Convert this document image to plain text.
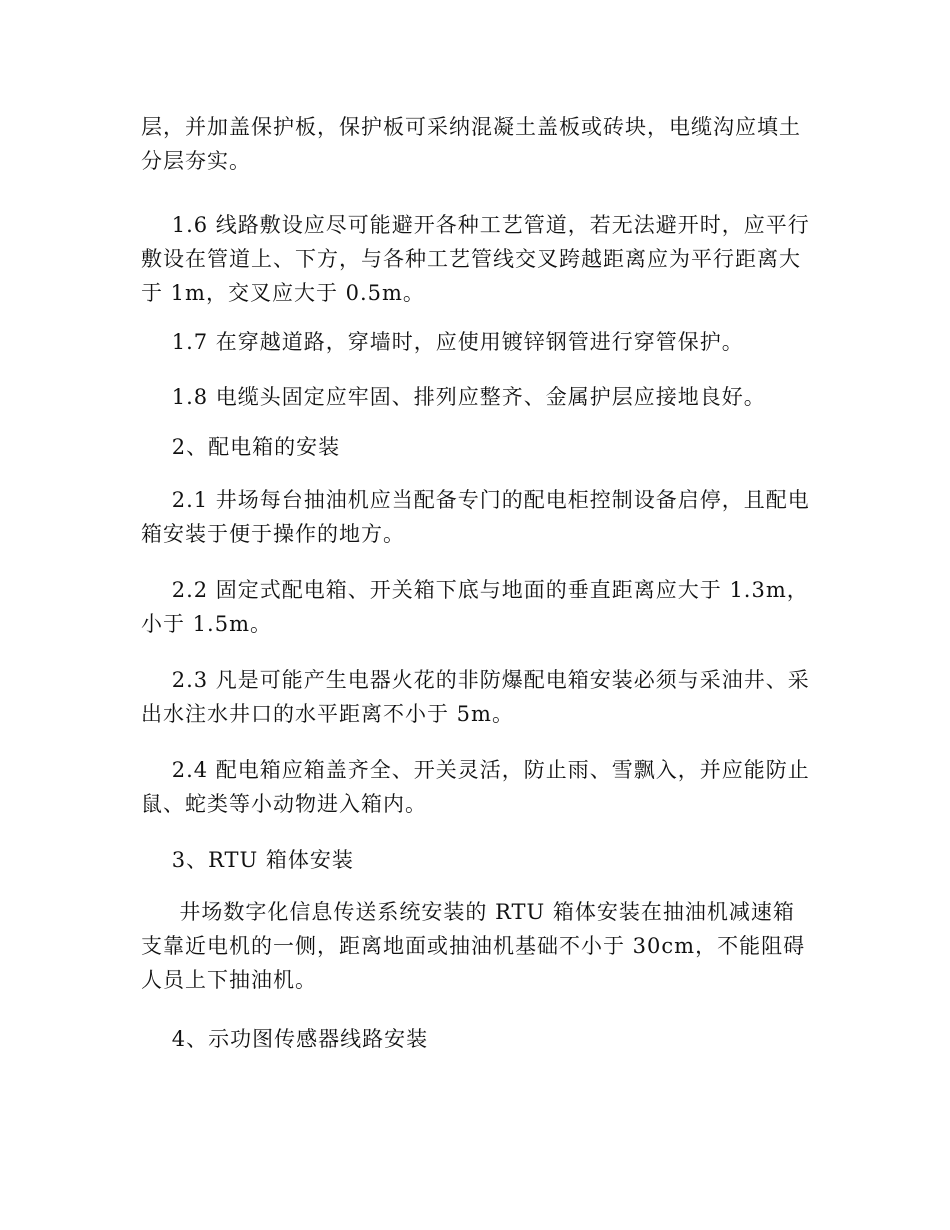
层，并加盖保护板，保护板可采纳混凝土盖板或砖块，电缆沟应填土分层夯实。

1.6 线路敷设应尽可能避开各种工艺管道，若无法避开时，应平行敷设在管道上、下方，与各种工艺管线交叉跨越距离应为平行距离大于 1m，交叉应大于 0.5m。

1.7 在穿越道路，穿墙时，应使用镀锌钢管进行穿管保护。

1.8 电缆头固定应牢固、排列应整齐、金属护层应接地良好。

2、配电箱的安装

2.1 井场每台抽油机应当配备专门的配电柜控制设备启停，且配电箱安装于便于操作的地方。

2.2 固定式配电箱、开关箱下底与地面的垂直距离应大于 1.3m，小于 1.5m。

2.3 凡是可能产生电器火花的非防爆配电箱安装必须与采油井、采出水注水井口的水平距离不小于 5m。

2.4 配电箱应箱盖齐全、开关灵活，防止雨、雪飘入，并应能防止鼠、蛇类等小动物进入箱内。

3、RTU 箱体安装

井场数字化信息传送系统安装的 RTU 箱体安装在抽油机减速箱支靠近电机的一侧，距离地面或抽油机基础不小于 30cm，不能阻碍人员上下抽油机。

4、示功图传感器线路安装
